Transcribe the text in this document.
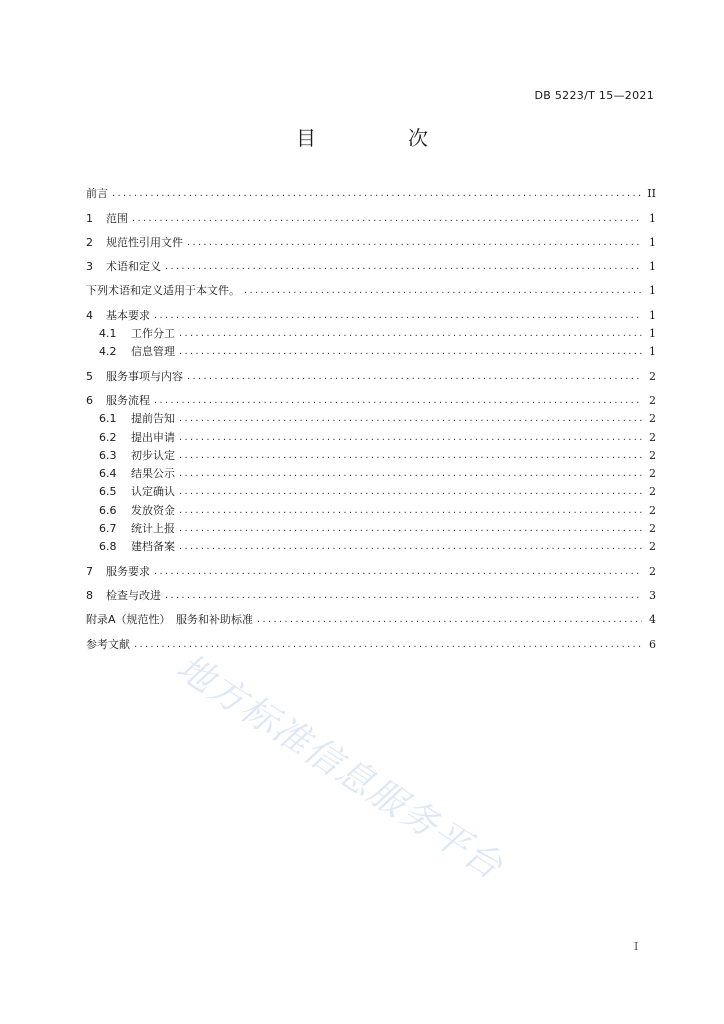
DB 5223/T 15—2021
目　次
前言 .....	II
1	范围 .....	1
2	规范性引用文件 .....	1
3	术语和定义 .....	1
下列术语和定义适用于本文件。 .....	1
4	基本要求 .....	1
4.1	工作分工 .....	1
4.2	信息管理 .....	1
5	服务事项与内容 .....	2
6	服务流程 .....	2
6.1	提前告知 .....	2
6.2	提出申请 .....	2
6.3	初步认定 .....	2
6.4	结果公示 .....	2
6.5	认定确认 .....	2
6.6	发放资金 .....	2
6.7	统计上报 .....	2
6.8	建档备案 .....	2
7	服务要求 .....	2
8	检查与改进 .....	3
附录A（规范性）　服务和补助标准 .....	4
参考文献 .....	6
地方标准信息服务平台
I
